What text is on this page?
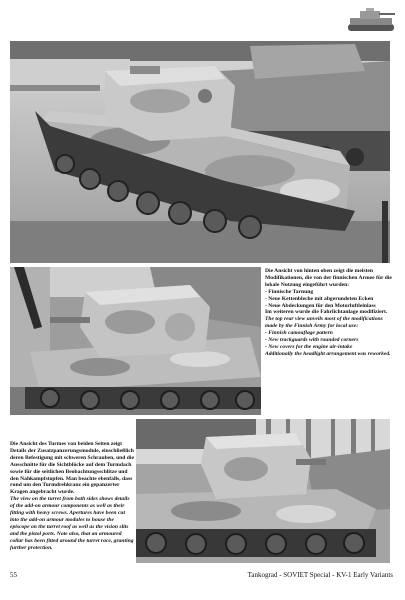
Die Ansicht von hinten oben zeigt die meisten Modifikationen, die von der finnischen Armee für die lokale Nutzung eingeführt wurden:

- Finnische Tarnung

- Neue Kettenbleche mit abgerundeten Ecken

- Neue Abdeckungen für den Motorluftleinlass

Im weiteren wurde die Fahrlichtanlage modifiziert.

The top rear view unveils most of the modifications made by the Finnish Army for local use:

- Finnish camouflage pattern

- New trackguards with rounded corners

- New covers for the engine air-intake

Additionally the headlight arrangement was reworked.

Die Ansicht des Turmes von beiden Seiten zeigt Details der Zusatzpanzerungsmodule, einschließlich deren Befestigung mit schweren Schrauben, und die Ausschnitte für die Sichtblöcke auf dem Turmdach sowie für die seitlichen Beobachtungsschlitze und den Nahkampfstopfen. Man beachte ebenfalls, dass rund um den Turmdrehkranz ein gepanzerter Kragen angebracht wurde.

The view on the turret from both sides shows details of the add-on armour components as well as their fitting with heavy screws. Apertures have been cut into the add-on armour modules to house the episcope on the turret roof as well as the vision slits and the pistol ports. Note also, that an armoured collar has been fitted around the turret race, granting further protection.

55	Tankograd - SOVIET Special - KV-1 Early Variants
